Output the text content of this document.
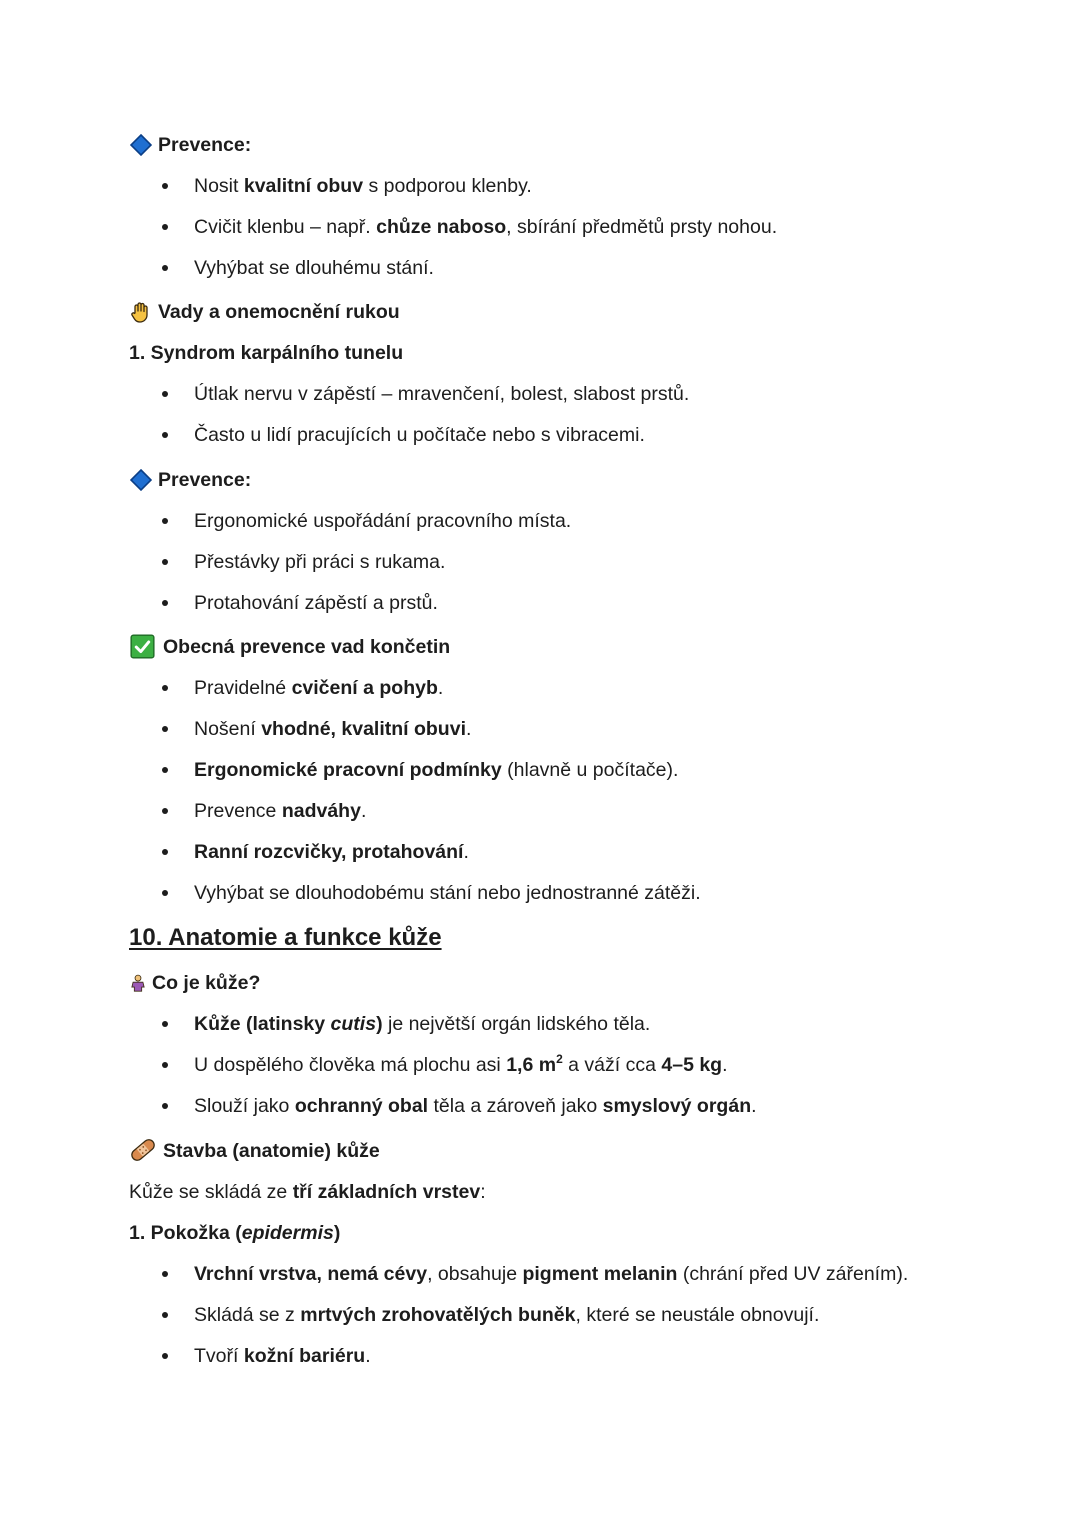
Prevence:
Nosit kvalitní obuv s podporou klenby.
Cvičit klenbu – např. chůze naboso, sbírání předmětů prsty nohou.
Vyhýbat se dlouhému stání.
Vady a onemocnění rukou
1. Syndrom karpálního tunelu
Útlak nervu v zápěstí – mravenčení, bolest, slabost prstů.
Často u lidí pracujících u počítače nebo s vibracemi.
Prevence:
Ergonomické uspořádání pracovního místa.
Přestávky při práci s rukama.
Protahování zápěstí a prstů.
Obecná prevence vad končetin
Pravidelné cvičení a pohyb.
Nošení vhodné, kvalitní obuvi.
Ergonomické pracovní podmínky (hlavně u počítače).
Prevence nadváhy.
Ranní rozcvičky, protahování.
Vyhýbat se dlouhodobému stání nebo jednostranné zátěži.
10. Anatomie a funkce kůže
Co je kůže?
Kůže (latinsky cutis) je největší orgán lidského těla.
U dospělého člověka má plochu asi 1,6 $m^2$ a váží cca 4–5 kg.
Slouží jako ochranný obal těla a zároveň jako smyslový orgán.
Stavba (anatomie) kůže
Kůže se skládá ze tří základních vrstev:
1. Pokožka (epidermis)
Vrchní vrstva, nemá cévy, obsahuje pigment melanin (chrání před UV zářením).
Skládá se z mrtvých zrohovatělých buněk, které se neustále obnovují.
Tvoří kožní bariéru.
